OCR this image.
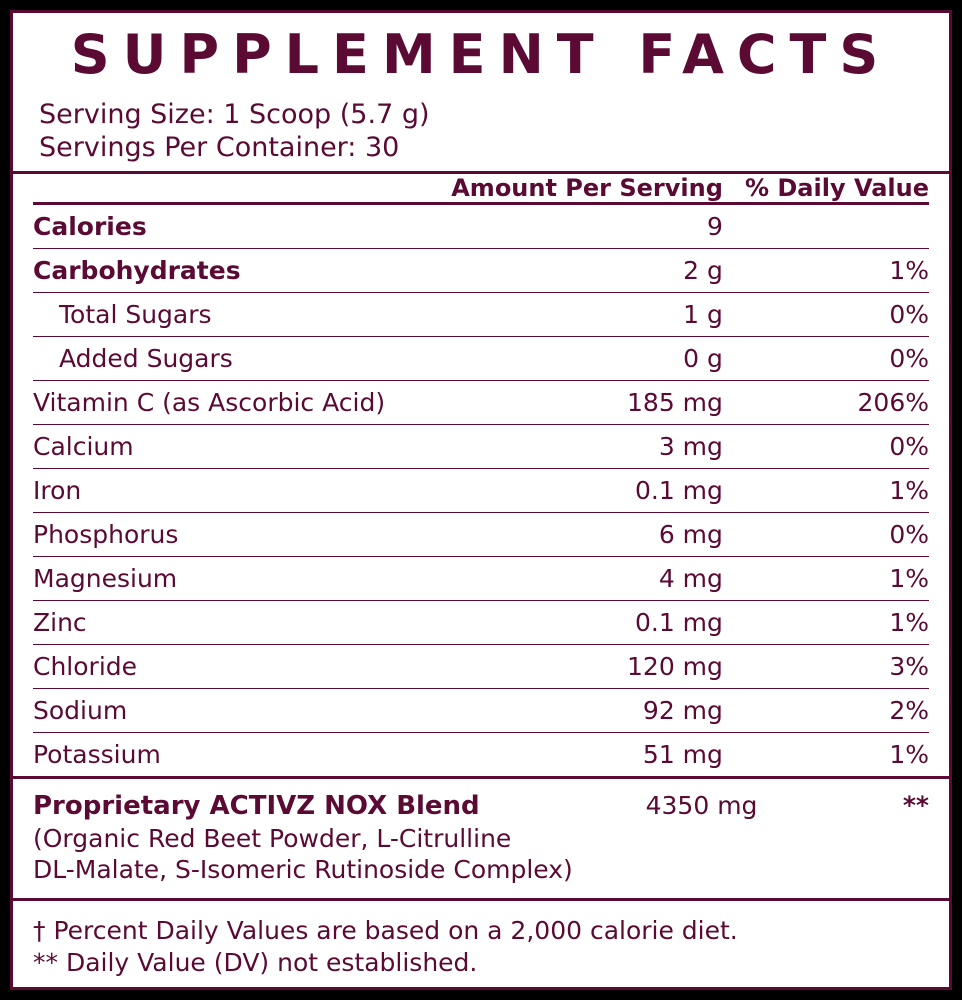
SUPPLEMENT FACTS
Serving Size: 1 Scoop (5.7 g)
Servings Per Container: 30
	Amount Per Serving	% Daily Value
Calories	9	
Carbohydrates	2 g	1%
Total Sugars	1 g	0%
Added Sugars	0 g	0%
Vitamin C (as Ascorbic Acid)	185 mg	206%
Calcium	3 mg	0%
Iron	0.1 mg	1%
Phosphorus	6 mg	0%
Magnesium	4 mg	1%
Zinc	0.1 mg	1%
Chloride	120 mg	3%
Sodium	92 mg	2%
Potassium	51 mg	1%
Proprietary ACTIVZ NOX Blend	4350 mg	**
(Organic Red Beet Powder, L-Citrulline
DL-Malate, S-Isomeric Rutinoside Complex)
† Percent Daily Values are based on a 2,000 calorie diet.
** Daily Value (DV) not established.
